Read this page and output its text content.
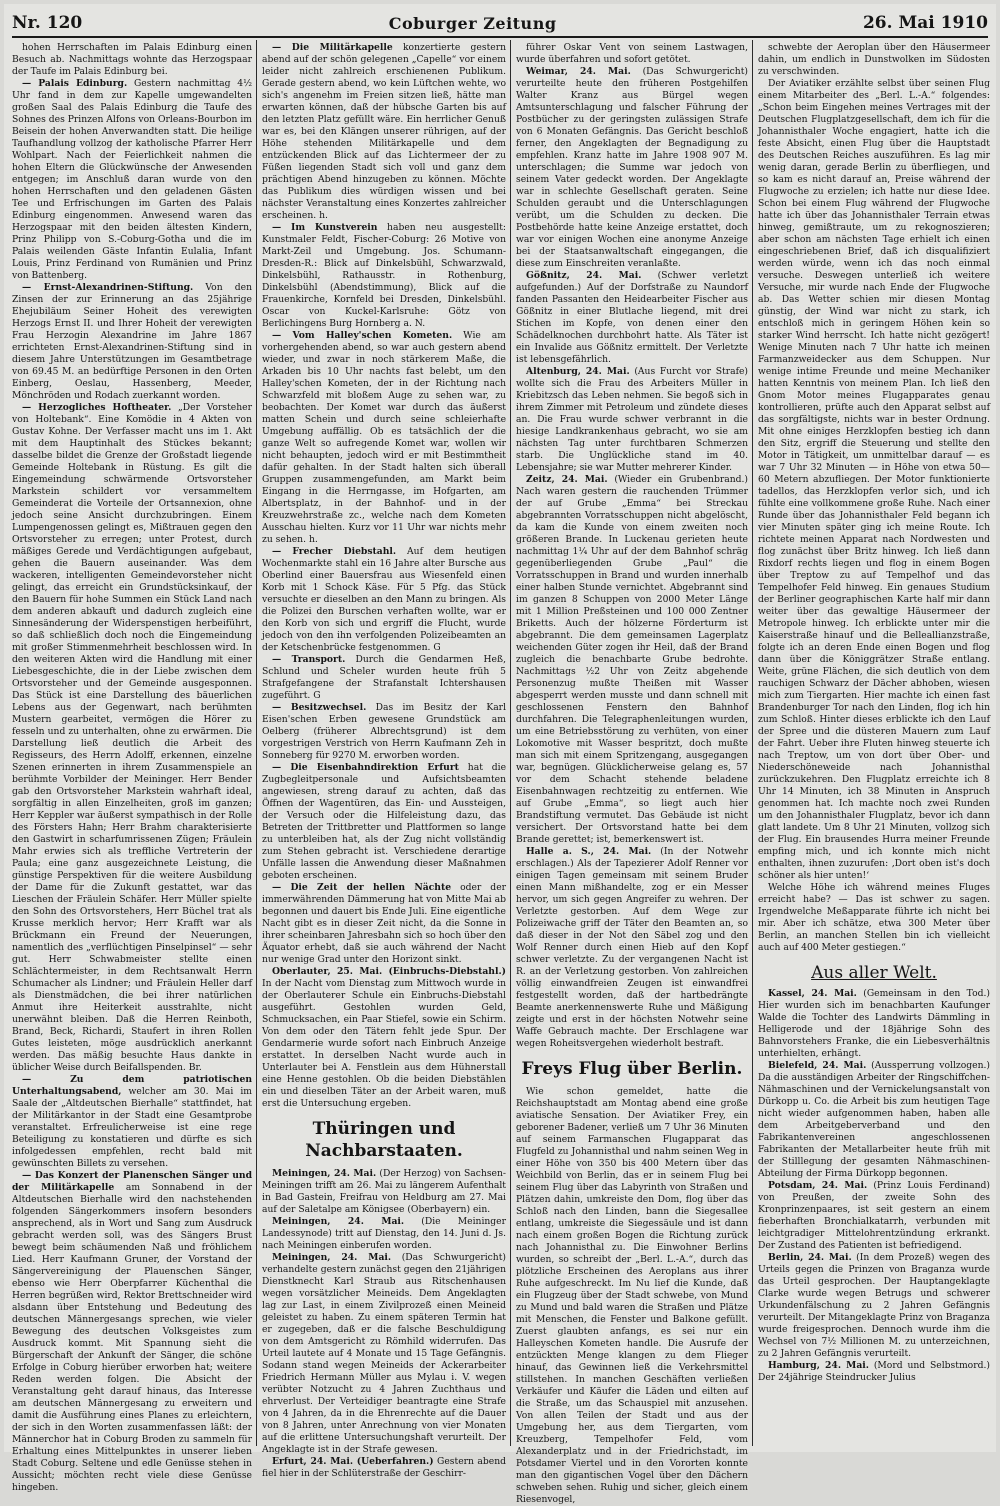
Nr. 120	Coburger Zeitung	26. Mai 1910

hohen Herrschaften im Palais Edinburg einen Besuch ab. Nachmittags wohnte das Herzogspaar der Taufe im Palais Edinburg bei.

— Palais Edinburg. Gestern nachmittag 4½ Uhr fand in dem zur Kapelle umgewandelten großen Saal des Palais Edinburg die Taufe des Sohnes des Prinzen Alfons von Orleans-Bourbon im Beisein der hohen Anverwandten statt. Die heilige Taufhandlung vollzog der katholische Pfarrer Herr Wohlpart. Nach der Feierlichkeit nahmen die hohen Eltern die Glückwünsche der Anwesenden entgegen; im Anschluß daran wurde von den hohen Herrschaften und den geladenen Gästen Tee und Erfrischungen im Garten des Palais Edinburg eingenommen. Anwesend waren das Herzogspaar mit den beiden ältesten Kindern, Prinz Philipp von S.-Coburg-Gotha und die im Palais weilenden Gäste Infantin Eulalia, Infant Louis, Prinz Ferdinand von Rumänien und Prinz von Battenberg.

— Ernst-Alexandrinen-Stiftung. Von den Zinsen der zur Erinnerung an das 25jährige Ehejubiläum Seiner Hoheit des verewigten Herzogs Ernst II. und Ihrer Hoheit der verewigten Frau Herzogin Alexandrine im Jahre 1867 errichteten Ernst-Alexandrinen-Stiftung sind in diesem Jahre Unterstützungen im Gesamtbetrage von 69.45 M. an bedürftige Personen in den Orten Einberg, Oeslau, Hassenberg, Meeder, Mönchröden und Rodach zuerkannt worden.

— Herzogliches Hoftheater. „Der Vorsteher von Holtebank“. Eine Komödie in 4 Akten von Gustav Kohne. Der Verfasser macht uns im 1. Akt mit dem Hauptinhalt des Stückes bekannt; dasselbe bildet die Grenze der Großstadt liegende Gemeinde Holtebank in Rüstung. Es gilt die Eingemeindung schwärmende Ortsvorsteher Markstein schildert vor versammeltem Gemeinderat die Vorteile der Ortsannexion, ohne jedoch seine Ansicht durchzubringen. Einem Lumpengenossen gelingt es, Mißtrauen gegen den Ortsvorsteher zu erregen; unter Protest, durch mäßiges Gerede und Verdächtigungen aufgebaut, gehen die Bauern auseinander. Was dem wackeren, intelligenten Gemeindevorsteher nicht gelingt, das erreicht ein Grundstücksinkauf, der den Bauern für hohe Summen ein Stück Land nach dem anderen abkauft und dadurch zugleich eine Sinnesänderung der Widerspenstigen herbeiführt, so daß schließlich doch noch die Eingemeindung mit großer Stimmenmehrheit beschlossen wird. In den weiteren Akten wird die Handlung mit einer Liebesgeschichte, die in der Liebe zwischen dem Ortsvorsteher und der Gemeinde ausgesponnen. Das Stück ist eine Darstellung des bäuerlichen Lebens aus der Gegenwart, nach berühmten Mustern gearbeitet, vermögen die Hörer zu fesseln und zu unterhalten, ohne zu erwärmen. Die Darstellung ließ deutlich die Arbeit des Regisseurs, des Herrn Adolff, erkennen, einzelne Szenen erinnerten in ihrem Zusammenspiele an berühmte Vorbilder der Meininger. Herr Bender gab den Ortsvorsteher Markstein wahrhaft ideal, sorgfältig in allen Einzelheiten, groß im ganzen; Herr Keppler war äußerst sympathisch in der Rolle des Försters Hahn; Herr Brahm charakterisierte den Gastwirt in scharfumrissenen Zügen; Fräulein Mahr erwies sich als treffliche Vertreterin der Paula; eine ganz ausgezeichnete Leistung, die günstige Perspektiven für die weitere Ausbildung der Dame für die Zukunft gestattet, war das Lieschen der Fräulein Schäfer. Herr Müller spielte den Sohn des Ortsvorstehers, Herr Büchel trat als Krusse merklich hervor; Herr Krafft war als Brückmann ein Freund der Neuerungen, namentlich des „verflüchtigen Pinselpinsel“ — sehr gut. Herr Schwabmeister stellte einen Schlächtermeister, in dem Rechtsanwalt Herrn Schumacher als Lindner; und Fräulein Heller darf als Dienstmädchen, die bei ihrer natürlichen Anmut ihre Heiterkeit ausstrahlte, nicht unerwähnt bleiben. Daß die Herren Reinboth, Brand, Beck, Richardi, Staufert in ihren Rollen Gutes leisteten, möge ausdrücklich anerkannt werden. Das mäßig besuchte Haus dankte in üblicher Weise durch Beifallspenden. Br.

— Zu dem patriotischen Unterhaltungsabend, welcher am 30. Mai im Saale der „Altdeutschen Bierhalle“ stattfindet, hat der Militärkantor in der Stadt eine Gesamtprobe veranstaltet. Erfreulicherweise ist eine rege Beteiligung zu konstatieren und dürfte es sich infolgedessen empfehlen, recht bald mit gewünschten Billets zu versehen.

— Das Konzert der Planenschen Sänger und der Militärkapelle am Sonnabend in der Altdeutschen Bierhalle wird den nachstehenden folgenden Sängerkommers insofern besonders ansprechend, als in Wort und Sang zum Ausdruck gebracht werden soll, was des Sängers Brust bewegt beim schäumenden Naß und fröhlichem Lied. Herr Kaufmann Gruner, der Vorstand der Sängervereinigung der Plauenschen Sänger, ebenso wie Herr Oberpfarrer Küchenthal die Herren begrüßen wird, Rektor Brettschneider wird alsdann über Entstehung und Bedeutung des deutschen Männergesangs sprechen, wie vieler Bewegung des deutschen Volksgeistes zum Ausdruck kommt. Mit Spannung sieht die Bürgerschaft der Ankunft der Sänger, die schöne Erfolge in Coburg hierüber erworben hat; weitere Reden werden folgen. Die Absicht der Veranstaltung geht darauf hinaus, das Interesse am deutschen Männergesang zu erweitern und damit die Ausführung eines Planes zu erleichtern, der sich in den Worten zusammenfassen läßt: der Männerchor hat in Coburg Broden zu sammeln für Erhaltung eines Mittelpunktes in unserer lieben Stadt Coburg. Seltene und edle Genüsse stehen in Aussicht; möchten recht viele diese Genüsse hingeben.

— Die Militärkapelle konzertierte gestern abend auf der schön gelegenen „Capelle“ vor einem leider nicht zahlreich erschienenen Publikum. Gerade gestern abend, wo kein Lüftchen wehte, wo sich's angenehm im Freien sitzen ließ, hätte man erwarten können, daß der hübsche Garten bis auf den letzten Platz gefüllt wäre. Ein herrlicher Genuß war es, bei den Klängen unserer rührigen, auf der Höhe stehenden Militärkapelle und dem entzückenden Blick auf das Lichtermeer der zu Füßen liegenden Stadt sich voll und ganz dem prächtigen Abend hinzugeben zu können. Möchte das Publikum dies würdigen wissen und bei nächster Veranstaltung eines Konzertes zahlreicher erscheinen. h.

— Im Kunstverein haben neu ausgestellt: Kunstmaler Feldt, Fischer-Coburg: 26 Motive von Markt-Zeil und Umgebung. Jos. Schumann-Dresden-R.: Blick auf Dinkelsbühl, Schwarzwald, Dinkelsbühl, Rathausstr. in Rothenburg, Dinkelsbühl (Abendstimmung), Blick auf die Frauenkirche, Kornfeld bei Dresden, Dinkelsbühl. Oscar von Kuckel-Karlsruhe: Götz von Berlichingens Burg Hornberg a. N.

— Vom Halley'schen Kometen. Wie am vorhergehenden abend, so war auch gestern abend wieder, und zwar in noch stärkerem Maße, die Arkaden bis 10 Uhr nachts fast belebt, um den Halley'schen Kometen, der in der Richtung nach Schwarzfeld mit bloßem Auge zu sehen war, zu beobachten. Der Komet war durch das äußerst matten Schein und durch seine schleierhafte Umgebung auffällig. Ob es tatsächlich der die ganze Welt so aufregende Komet war, wollen wir nicht behaupten, jedoch wird er mit Bestimmtheit dafür gehalten. In der Stadt halten sich überall Gruppen zusammengefunden, am Markt beim Eingang in die Herrngasse, im Hofgarten, am Albertsplatz, in der Bahnhof- und in der Kreuzwehrstraße zc., welche nach dem Kometen Ausschau hielten. Kurz vor 11 Uhr war nichts mehr zu sehen. h.

— Frecher Diebstahl. Auf dem heutigen Wochenmarkte stahl ein 16 Jahre alter Bursche aus Oberlind einer Bauersfrau aus Wiesenfeld einen Korb mit 1 Schock Käse. Für 5 Pfg. das Stück versuchte er dieselben an den Mann zu bringen. Als die Polizei den Burschen verhaften wollte, war er den Korb von sich und ergriff die Flucht, wurde jedoch von den ihn verfolgenden Polizeibeamten an der Ketschenbrücke festgenommen. G

— Transport. Durch die Gendarmen Heß, Schlund und Scheler wurden heute früh 5 Strafgefangene der Strafanstalt Ichtershausen zugeführt. G

— Besitzwechsel. Das im Besitz der Karl Eisen'schen Erben gewesene Grundstück am Oelberg (früherer Albrechtsgrund) ist dem vorgestrigen Verstrich von Herrn Kaufmann Zeh in Sonneberg für 9270 M. erworben worden.

— Die Eisenbahndirektion Erfurt hat die Zugbegleitpersonale und Aufsichtsbeamten angewiesen, streng darauf zu achten, daß das Öffnen der Wagentüren, das Ein- und Aussteigen, der Versuch oder die Hilfeleistung dazu, das Betreten der Trittbretter und Plattformen so lange zu unterbleiben hat, als der Zug nicht vollständig zum Stehen gebracht ist. Verschiedene derartige Unfälle lassen die Anwendung dieser Maßnahmen geboten erscheinen.

— Die Zeit der hellen Nächte oder der immerwährenden Dämmerung hat von Mitte Mai ab begonnen und dauert bis Ende Juli. Eine eigentliche Nacht gibt es in dieser Zeit nicht, da die Sonne in ihrer scheinbaren Jahresbahn sich so hoch über den Äquator erhebt, daß sie auch während der Nacht nur wenige Grad unter den Horizont sinkt.

Oberlauter, 25. Mai. (Einbruchs-Diebstahl.) In der Nacht vom Dienstag zum Mittwoch wurde in der Oberlauterer Schule ein Einbruchs-Diebstahl ausgeführt. Gestohlen wurden Geld, Schmucksachen, ein Paar Stiefel, sowie ein Schirm. Von dem oder den Tätern fehlt jede Spur. Der Gendarmerie wurde sofort nach Einbruch Anzeige erstattet. In derselben Nacht wurde auch in Unterlauter bei A. Fenstlein aus dem Hühnerstall eine Henne gestohlen. Ob die beiden Diebstählen ein und dieselben Täter an der Arbeit waren, muß erst die Untersuchung ergeben.

Thüringen und Nachbarstaaten.

Meiningen, 24. Mai. (Der Herzog) von Sachsen-Meiningen trifft am 26. Mai zu längerem Aufenthalt in Bad Gastein, Freifrau von Heldburg am 27. Mai auf der Saletalpe am Königsee (Oberbayern) ein.

Meiningen, 24. Mai. (Die Meininger Landessynode) tritt auf Dienstag, den 14. Juni d. Js. nach Meiningen einberufen worden.

Meiningen, 24. Mai. (Das Schwurgericht) verhandelte gestern zunächst gegen den 21jährigen Dienstknecht Karl Straub aus Ritschenhausen wegen vorsätzlicher Meineids. Dem Angeklagten lag zur Last, in einem Zivilprozeß einen Meineid geleistet zu haben. Zu einem späteren Termin hat er zugegeben, daß er die falsche Beschuldigung von dem Amtsgericht zu Römhild widerrufen. Das Urteil lautete auf 4 Monate und 15 Tage Gefängnis. Sodann stand wegen Meineids der Ackerarbeiter Friedrich Hermann Müller aus Mylau i. V. wegen verübter Notzucht zu 4 Jahren Zuchthaus und ehrverlust. Der Verteidiger beantragte eine Strafe von 4 Jahren, da in die Ehrenrechte auf die Dauer von 8 Jahren, unter Anrechnung von vier Monaten auf die erlittene Untersuchungshaft verurteilt. Der Angeklagte ist in der Strafe gewesen.

Erfurt, 24. Mai. (Ueberfahren.) Gestern abend fiel hier in der Schlüterstraße der Geschirr-

führer Oskar Vent von seinem Lastwagen, wurde überfahren und sofort getötet.

Weimar, 24. Mai. (Das Schwurgericht) verurteilte heute den früheren Postgehilfen Walter Kranz aus Bürgel wegen Amtsunterschlagung und falscher Führung der Postbücher zu der geringsten zulässigen Strafe von 6 Monaten Gefängnis. Das Gericht beschloß ferner, den Angeklagten der Begnadigung zu empfehlen. Kranz hatte im Jahre 1908 907 M. unterschlagen; die Summe war jedoch von seinem Vater gedeckt worden. Der Angeklagte war in schlechte Gesellschaft geraten. Seine Schulden geraubt und die Unterschlagungen verübt, um die Schulden zu decken. Die Postbehörde hatte keine Anzeige erstattet, doch war vor einigen Wochen eine anonyme Anzeige bei der Staatsanwaltschaft eingegangen, die diese zum Einschreiten veranlaßte.

Gößnitz, 24. Mai. (Schwer verletzt aufgefunden.) Auf der Dorfstraße zu Naundorf fanden Passanten den Heidearbeiter Fischer aus Gößnitz in einer Blutlache liegend, mit drei Stichen im Kopfe, von denen einer den Schädelknochen durchbohrt hatte. Als Täter ist ein Invalide aus Gößnitz ermittelt. Der Verletzte ist lebensgefährlich.

Altenburg, 24. Mai. (Aus Furcht vor Strafe) wollte sich die Frau des Arbeiters Müller in Kriebitzsch das Leben nehmen. Sie begoß sich in ihrem Zimmer mit Petroleum und zündete dieses an. Die Frau wurde schwer verbrannt in die hiesige Landkrankenhaus gebracht, wo sie am nächsten Tag unter furchtbaren Schmerzen starb. Die Unglückliche stand im 40. Lebensjahre; sie war Mutter mehrerer Kinder.

Zeitz, 24. Mai. (Wieder ein Grubenbrand.) Nach waren gestern die rauchenden Trümmer der auf Grube „Emma“ bei Streckau abgebrannten Vorratsschuppen nicht abgelöscht, da kam die Kunde von einem zweiten noch größeren Brande. In Luckenau gerieten heute nachmittag 1¼ Uhr auf der dem Bahnhof schräg gegenüberliegenden Grube „Paul“ die Vorratsschuppen in Brand und wurden innerhalb einer halben Stunde vernichtet. Abgebrannt sind im ganzen 8 Schuppen von 2000 Meter Länge mit 1 Million Preßsteinen und 100 000 Zentner Briketts. Auch der hölzerne Förderturm ist abgebrannt. Die dem gemeinsamen Lagerplatz weichenden Güter zogen ihr Heil, daß der Brand zugleich die benachbarte Grube bedrohte. Nachmittags ½2 Uhr von Zeitz abgehende Personenzug mußte Theißen mit Wasser abgesperrt werden musste und dann schnell mit geschlossenen Fenstern den Bahnhof durchfahren. Die Telegraphenleitungen wurden, um eine Betriebsstörung zu verhüten, von einer Lokomotive mit Wasser bespritzt, doch mußte man sich mit einem Spritzengang, ausgegangen war, begnügen. Glücklicherweise gelang es, 57 vor dem Schacht stehende beladene Eisenbahnwagen rechtzeitig zu entfernen. Wie auf Grube „Emma“, so liegt auch hier Brandstiftung vermutet. Das Gebäude ist nicht versichert. Der Ortsvorstand hatte bei dem Brande gerettet; ist, bemerkenswert ist.

Halle a. S., 24. Mai. (In der Notwehr erschlagen.) Als der Tapezierer Adolf Renner vor einigen Tagen gemeinsam mit seinem Bruder einen Mann mißhandelte, zog er ein Messer hervor, um sich gegen Angreifer zu wehren. Der Verletzte gestorben. Auf dem Wege zur Polizeiwache griff der Täter den Beamten an, so daß dieser in der Not den Säbel zog und den Wolf Renner durch einen Hieb auf den Kopf schwer verletzte. Zu der vergangenen Nacht ist R. an der Verletzung gestorben. Von zahlreichen völlig einwandfreien Zeugen ist einwandfrei festgestellt worden, daß der hartbedrängte Beamte anerkennenswerte Ruhe und Mäßigung zeigte und erst in der höchsten Notwehr seine Waffe Gebrauch machte. Der Erschlagene war wegen Roheitsvergehen wiederholt bestraft.

Freys Flug über Berlin.

Wie schon gemeldet, hatte die Reichshauptstadt am Montag abend eine große aviatische Sensation. Der Aviatiker Frey, ein geborener Badener, verließ um 7 Uhr 36 Minuten auf seinem Farmanschen Flugapparat das Flugfeld zu Johannisthal und nahm seinen Weg in einer Höhe von 350 bis 400 Metern über das Weichbild von Berlin, das er in seinem Flug bei seinem Flug über das Labyrinth von Straßen und Plätzen dahin, umkreiste den Dom, flog über das Schloß nach den Linden, bann die Siegesallee entlang, umkreiste die Siegessäule und ist dann nach einem großen Bogen die Richtung zurück nach Johannisthal zu. Die Einwohner Berlins wurden, so schreibt der „Berl. L.-A.“, durch das plötzliche Erscheinen des Aeroplans aus ihrer Ruhe aufgeschreckt. Im Nu lief die Kunde, daß ein Flugzeug über der Stadt schwebe, von Mund zu Mund und bald waren die Straßen und Plätze mit Menschen, die Fenster und Balkone gefüllt. Zuerst glaubten anfangs, es sei nur ein Halleyschen Kometen handle. Die Ausrufe der entzückten Menge klangen zu dem Flieger hinauf, das Gewinnen ließ die Verkehrsmittel stillstehen. In manchen Geschäften verließen Verkäufer und Käufer die Läden und eilten auf die Straße, um das Schauspiel mit anzusehen. Von allen Teilen der Stadt und aus der Umgebung her, aus dem Tiergarten, vom Kreuzberg, Tempelhofer Feld, vom Alexanderplatz und in der Friedrichstadt, im Potsdamer Viertel und in den Vororten konnte man den gigantischen Vogel über den Dächern schweben sehen. Ruhig und sicher, gleich einem Riesenvogel,

schwebte der Aeroplan über den Häusermeer dahin, um endlich in Dunstwolken im Südosten zu verschwinden.

Der Aviatiker erzählte selbst über seinen Flug einem Mitarbeiter des „Berl. L.-A.“ folgendes: „Schon beim Eingehen meines Vertrages mit der Deutschen Flugplatzgesellschaft, dem ich für die Johannisthaler Woche engagiert, hatte ich die feste Absicht, einen Flug über die Hauptstadt des Deutschen Reiches auszuführen. Es lag mir wenig daran, gerade Berlin zu überfliegen, und so kam es nicht darauf an, Preise während der Flugwoche zu erzielen; ich hatte nur diese Idee. Schon bei einem Flug während der Flugwoche hatte ich über das Johannisthaler Terrain etwas hinweg, gemißtraute, um zu rekognoszieren; aber schon am nächsten Tage erhielt ich einen eingeschriebenen Brief, daß ich disqualifiziert werden würde, wenn ich das noch einmal versuche. Deswegen unterließ ich weitere Versuche, mir wurde nach Ende der Flugwoche ab. Das Wetter schien mir diesen Montag günstig, der Wind war nicht zu stark, ich entschloß mich in geringem Höhen kein so starker Wind herrscht. Ich hatte nicht gezögert! Wenige Minuten nach 7 Uhr hatte ich meinen Farmanzweidecker aus dem Schuppen. Nur wenige intime Freunde und meine Mechaniker hatten Kenntnis von meinem Plan. Ich ließ den Gnom Motor meines Flugapparates genau kontrollieren, prüfte auch den Apparat selbst auf das sorgfältigste, nichts war in bester Ordnung. Mit ohne einiges Herzklopfen bestieg ich dann den Sitz, ergriff die Steuerung und stellte den Motor in Tätigkeit, um unmittelbar darauf — es war 7 Uhr 32 Minuten — in Höhe von etwa 50—60 Metern abzufliegen. Der Motor funktionierte tadellos, das Herzklopfen verlor sich, und ich fühlte eine vollkommene große Ruhe. Nach einer Runde über das Johannisthaler Feld begann ich vier Minuten später ging ich meine Route. Ich richtete meinen Apparat nach Nordwesten und flog zunächst über Britz hinweg. Ich ließ dann Rixdorf rechts liegen und flog in einem Bogen über Treptow zu auf Tempelhof und das Tempelhofer Feld hinweg. Ein genaues Studium der Berliner geographischen Karte half mir dann weiter über das gewaltige Häusermeer der Metropole hinweg. Ich erblickte unter mir die Kaiserstraße hinauf und die Belleallianzstraße, folgte ich an deren Ende einen Bogen und flog dann über die Königgrätzer Straße entlang. Weite, grüne Flächen, die sich deutlich von dem rauchigen Schwarz der Dächer abhoben, wiesen mich zum Tiergarten. Hier machte ich einen fast Brandenburger Tor nach den Linden, flog ich hin zum Schloß. Hinter dieses erblickte ich den Lauf der Spree und die düsteren Mauern zum Lauf der Fahrt. Ueber ihre Fluten hinweg steuerte ich nach Treptow, um von dort über Ober- und Niederschöneweide nach Johannisthal zurückzukehren. Den Flugplatz erreichte ich 8 Uhr 14 Minuten, ich 38 Minuten in Anspruch genommen hat. Ich machte noch zwei Runden um den Johannisthaler Flugplatz, bevor ich dann glatt landete. Um 8 Uhr 21 Minuten, vollzog sich der Flug. Ein brausendes Hurra meiner Freunde empfing mich, und ich konnte mich nicht enthalten, ihnen zuzurufen: ‚Dort oben ist's doch schöner als hier unten!‘

Welche Höhe ich während meines Fluges erreicht habe? — Das ist schwer zu sagen. Irgendwelche Meßapparate führte ich nicht bei mir. Aber ich schätze, etwa 300 Meter über Berlin, an manchen Stellen bin ich vielleicht auch auf 400 Meter gestiegen.“

Aus aller Welt.

Kassel, 24. Mai. (Gemeinsam in den Tod.) Hier wurden sich im benachbarten Kaufunger Walde die Tochter des Landwirts Dämmling in Helligerode und der 18jährige Sohn des Bahnvorstehers Franke, die ein Liebesverhältnis unterhielten, erhängt.

Bielefeld, 24. Mai. (Aussperrung vollzogen.) Da die ausständigen Arbeiter der Ringschiffchen-Nähmaschinen und der Vernickelungsanstalt von Dürkopp u. Co. die Arbeit bis zum heutigen Tage nicht wieder aufgenommen haben, haben alle dem Arbeitgeberverband und den Fabrikantenvereinen angeschlossenen Fabrikanten der Metallarbeiter heute früh mit der Stilllegung der gesamten Nähmaschinen-Abteilung der Firma Dürkopp begonnen.

Potsdam, 24. Mai. (Prinz Louis Ferdinand) von Preußen, der zweite Sohn des Kronprinzenpaares, ist seit gestern an einem fieberhaften Bronchialkatarrh, verbunden mit leichtgradiger Mittelohrentzündung erkrankt. Der Zustand des Patienten ist befriedigend.

Berlin, 24. Mai. (In dem Prozeß) wegen des Urteils gegen die Prinzen von Braganza wurde das Urteil gesprochen. Der Hauptangeklagte Clarke wurde wegen Betrugs und schwerer Urkundenfälschung zu 2 Jahren Gefängnis verurteilt. Der Mitangeklagte Prinz von Braganza wurde freigesprochen. Dennoch wurde ihm die Wechsel von 7½ Millionen M. zu unterzeichnen, zu 2 Jahren Gefängnis verurteilt.

Hamburg, 24. Mai. (Mord und Selbstmord.) Der 24jährige Steindrucker Julius
